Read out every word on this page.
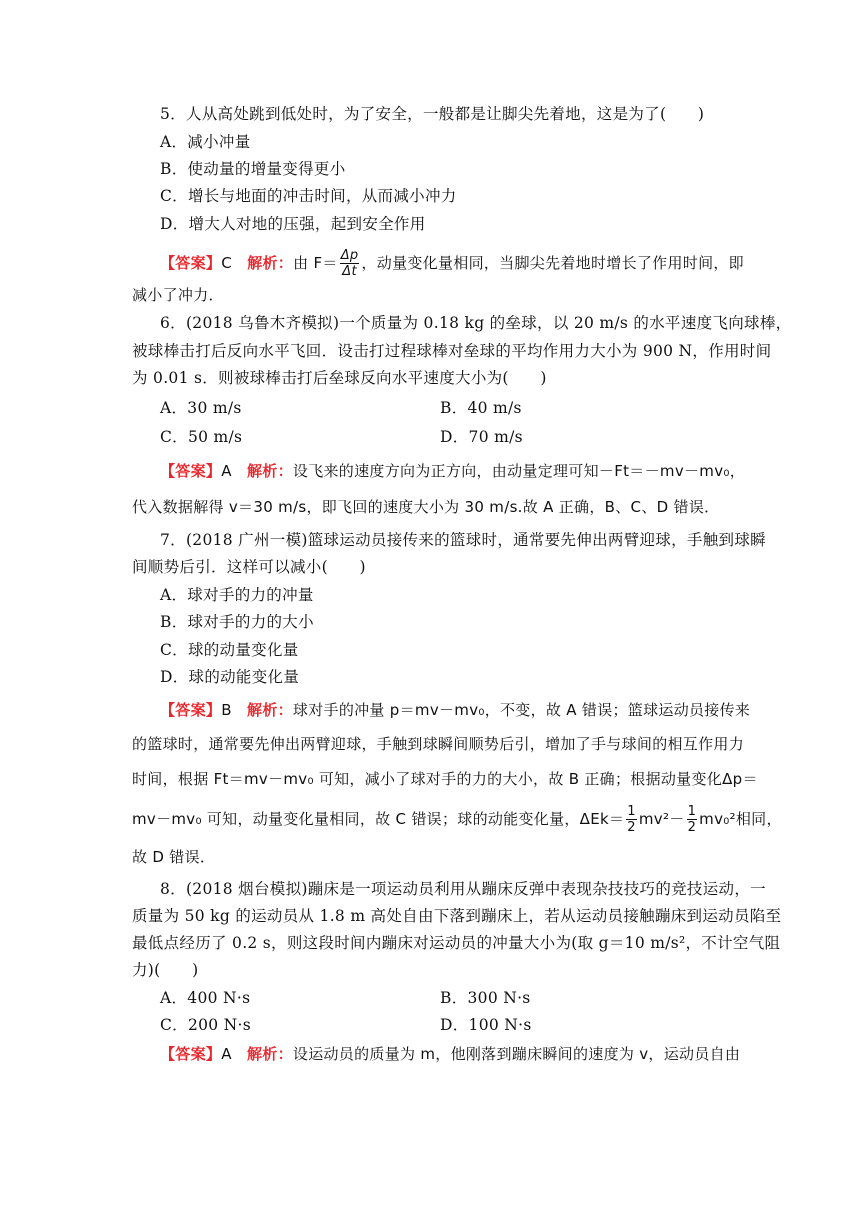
5．人从高处跳到低处时，为了安全，一般都是让脚尖先着地，这是为了(　　)
A．减小冲量
B．使动量的增量变得更小
C．增长与地面的冲击时间，从而减小冲力
D．增大人对地的压强，起到安全作用
【答案】C 解析：由 $F= \frac{\Delta p}{\Delta t}$ ，动量变化量相同，当脚尖先着地时增长了作用时间，即
减小了冲力．
6．(2018 乌鲁木齐模拟)一个质量为 0.18 kg 的垒球，以 20 m/s 的水平速度飞向球棒，
被球棒击打后反向水平飞回．设击打过程球棒对垒球的平均作用力大小为 900 N，作用时间
为 0.01 s．则被球棒击打后垒球反向水平速度大小为(　　)
A．30 m/s	B．40 m/s
C．50 m/s	D．70 m/s
【答案】A 解析：设飞来的速度方向为正方向，由动量定理可知－Ft＝－mv－mv₀，
代入数据解得 v＝30 m/s，即飞回的速度大小为 30 m/s.故 A 正确，B、C、D 错误．
7．(2018 广州一模)篮球运动员接传来的篮球时，通常要先伸出两臂迎球，手触到球瞬
间顺势后引．这样可以减小(　　)
A．球对手的力的冲量
B．球对手的力的大小
C．球的动量变化量
D．球的动能变化量
【答案】B 解析：球对手的冲量 p＝mv－mv₀，不变，故 A 错误；篮球运动员接传来
的篮球时，通常要先伸出两臂迎球，手触到球瞬间顺势后引，增加了手与球间的相互作用力
时间，根据 Ft＝mv－mv₀ 可知，减小了球对手的力的大小，故 B 正确；根据动量变化Δp＝
mv－mv₀ 可知，动量变化量相同，故 C 错误；球的动能变化量，$\Delta Ek= \frac{1}{2} mv^2- \frac{1}{2} mv_0^2$相同，
故 D 错误．
8．(2018 烟台模拟)蹦床是一项运动员利用从蹦床反弹中表现杂技技巧的竞技运动，一
质量为 50 kg 的运动员从 1.8 m 高处自由下落到蹦床上，若从运动员接触蹦床到运动员陷至
最低点经历了 0.2 s，则这段时间内蹦床对运动员的冲量大小为(取 g＝10 m/s²，不计空气阻
力)(　　)
A．400 N·s	B．300 N·s
C．200 N·s	D．100 N·s
【答案】A 解析：设运动员的质量为 m，他刚落到蹦床瞬间的速度为 v，运动员自由
